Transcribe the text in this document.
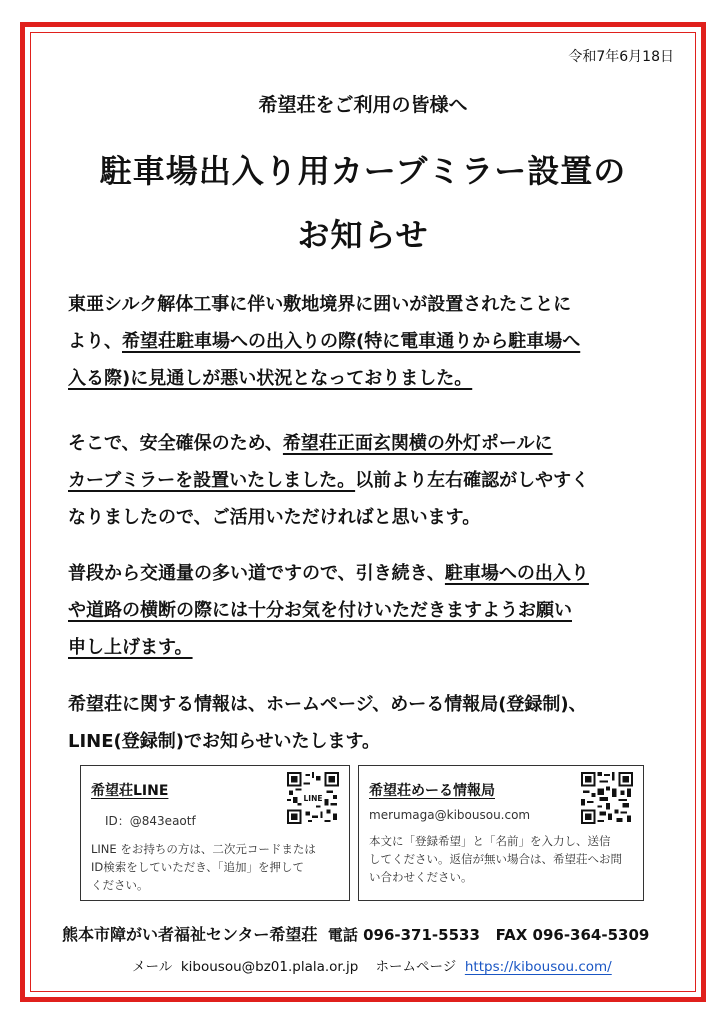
令和7年6月18日
希望荘をご利用の皆様へ
駐車場出入り用カーブミラー設置の
お知らせ
東亜シルク解体工事に伴い敷地境界に囲いが設置されたことに
より、希望荘駐車場への出入りの際(特に電車通りから駐車場へ
入る際)に見通しが悪い状況となっておりました。
そこで、安全確保のため、希望荘正面玄関横の外灯ポールに
カーブミラーを設置いたしました。以前より左右確認がしやすく
なりましたので、ご活用いただければと思います。
普段から交通量の多い道ですので、引き続き、駐車場への出入り
や道路の横断の際には十分お気を付けいただきますようお願い
申し上げます。
希望荘に関する情報は、ホームページ、めーる情報局(登録制)、
LINE(登録制)でお知らせいたします。
希望荘LINE	LINE
ID：@843eaotf
LINE をお持ちの方は、二次元コードまたは
ID検索をしていただき、「追加」を押して
ください。
希望荘めーる情報局
merumaga@kibousou.com
本文に「登録希望」と「名前」を入力し、送信
してください。返信が無い場合は、希望荘へお問
い合わせください。
熊本市障がい者福祉センター希望荘 電話 096-371-5533 FAX 096-364-5309
メール kibousou@bz01.plala.or.jp ホームページ https://kibousou.com/
